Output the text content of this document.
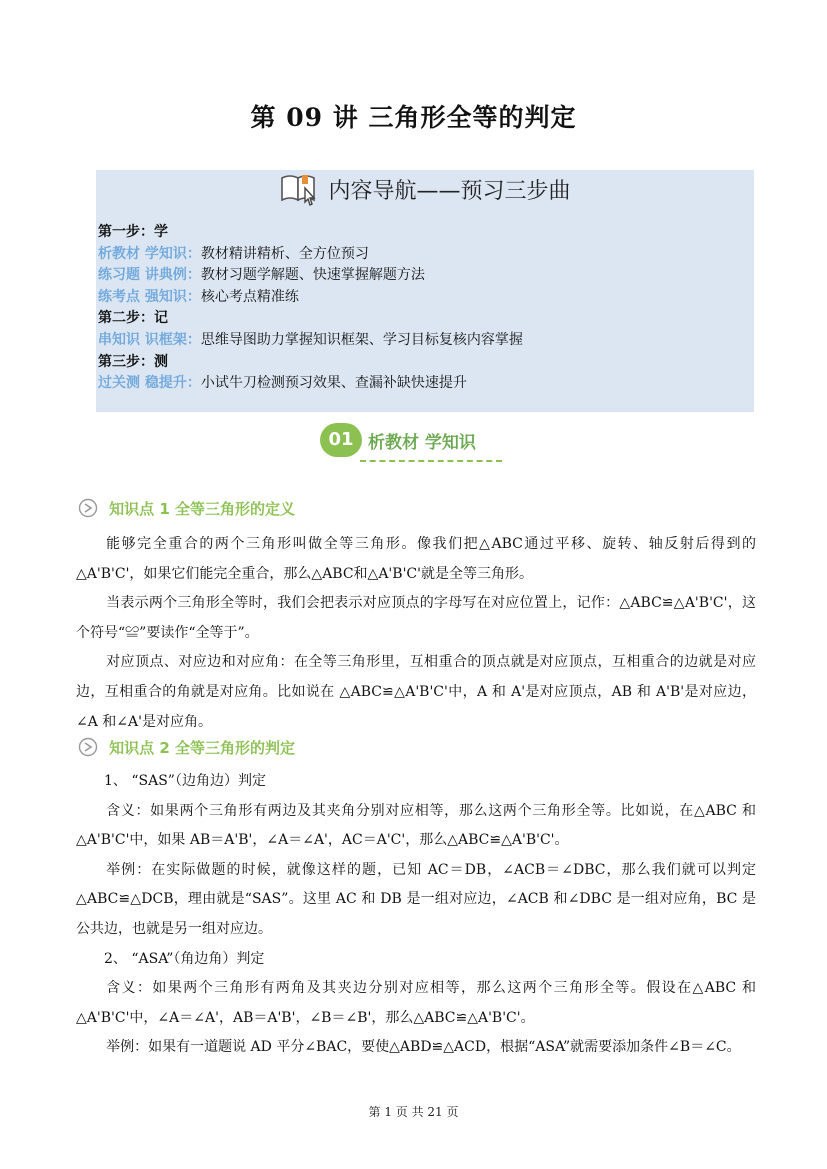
第 09 讲 三角形全等的判定
内容导航——预习三步曲
第一步：学
析教材 学知识：教材精讲精析、全方位预习
练习题 讲典例：教材习题学解题、快速掌握解题方法
练考点 强知识：核心考点精准练
第二步：记
串知识 识框架：思维导图助力掌握知识框架、学习目标复核内容掌握
第三步：测
过关测 稳提升：小试牛刀检测预习效果、查漏补缺快速提升
01 析教材 学知识
知识点 1 全等三角形的定义

能够完全重合的两个三角形叫做全等三角形。像我们把△ABC通过平移、旋转、轴反射后得到的△A'B'C'，如果它们能完全重合，那么△ABC和△A'B'C'就是全等三角形。

当表示两个三角形全等时，我们会把表示对应顶点的字母写在对应位置上，记作：△ABC≌△A'B'C'，这个符号“≌”要读作“全等于”。

对应顶点、对应边和对应角：在全等三角形里，互相重合的顶点就是对应顶点，互相重合的边就是对应边，互相重合的角就是对应角。比如说在 △ABC≌△A'B'C'中，A 和 A'是对应顶点，AB 和 A'B'是对应边，∠A 和∠A'是对应角。

知识点 2 全等三角形的判定

1、 “SAS”（边角边）判定

含义：如果两个三角形有两边及其夹角分别对应相等，那么这两个三角形全等。比如说，在△ABC 和△A'B'C'中，如果 AB＝A'B'，∠A＝∠A'，AC＝A'C'，那么△ABC≌△A'B'C'。

举例：在实际做题的时候，就像这样的题，已知 AC＝DB，∠ACB＝∠DBC，那么我们就可以判定△ABC≌△DCB，理由就是“SAS”。这里 AC 和 DB 是一组对应边，∠ACB 和∠DBC 是一组对应角，BC 是公共边，也就是另一组对应边。

2、 “ASA”（角边角）判定

含义：如果两个三角形有两角及其夹边分别对应相等，那么这两个三角形全等。假设在△ABC 和△A'B'C'中，∠A＝∠A'，AB＝A'B'，∠B＝∠B'，那么△ABC≌△A'B'C'。

举例：如果有一道题说 AD 平分∠BAC，要使△ABD≌△ACD，根据“ASA”就需要添加条件∠B＝∠C。

第 1 页 共 21 页
